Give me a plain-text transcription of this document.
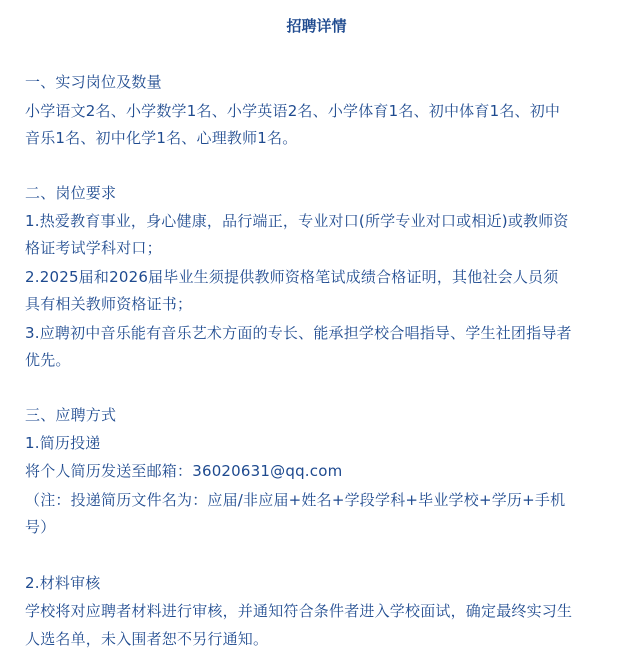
招聘详情
一、实习岗位及数量
小学语文2名、小学数学1名、小学英语2名、小学体育1名、初中体育1名、初中
音乐1名、初中化学1名、心理教师1名。
二、岗位要求
1.热爱教育事业，身心健康，品行端正，专业对口(所学专业对口或相近)或教师资
格证考试学科对口；
2.2025届和2026届毕业生须提供教师资格笔试成绩合格证明，其他社会人员须
具有相关教师资格证书；
3.应聘初中音乐能有音乐艺术方面的专长、能承担学校合唱指导、学生社团指导者
优先。
三、应聘方式
1.简历投递
将个人简历发送至邮箱：36020631@qq.com
（注：投递简历文件名为：应届/非应届+姓名+学段学科+毕业学校+学历+手机
号）
2.材料审核
学校将对应聘者材料进行审核，并通知符合条件者进入学校面试，确定最终实习生
人选名单，未入围者恕不另行通知。
